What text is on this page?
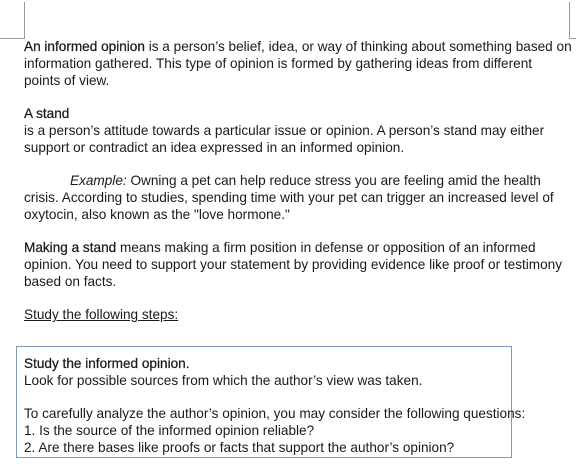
An informed opinion is a person’s belief, idea, or way of thinking about something based on information gathered. This type of opinion is formed by gathering ideas from different points of view.

A stand
is a person’s attitude towards a particular issue or opinion. A person’s stand may either support or contradict an idea expressed in an informed opinion.

Example: Owning a pet can help reduce stress you are feeling amid the health crisis. According to studies, spending time with your pet can trigger an increased level of oxytocin, also known as the "love hormone."

Making a stand means making a firm position in defense or opposition of an informed opinion. You need to support your statement by providing evidence like proof or testimony based on facts.

Study the following steps:

Study the informed opinion.
Look for possible sources from which the author’s view was taken.

To carefully analyze the author’s opinion, you may consider the following questions:
1. Is the source of the informed opinion reliable?
2. Are there bases like proofs or facts that support the author’s opinion?
